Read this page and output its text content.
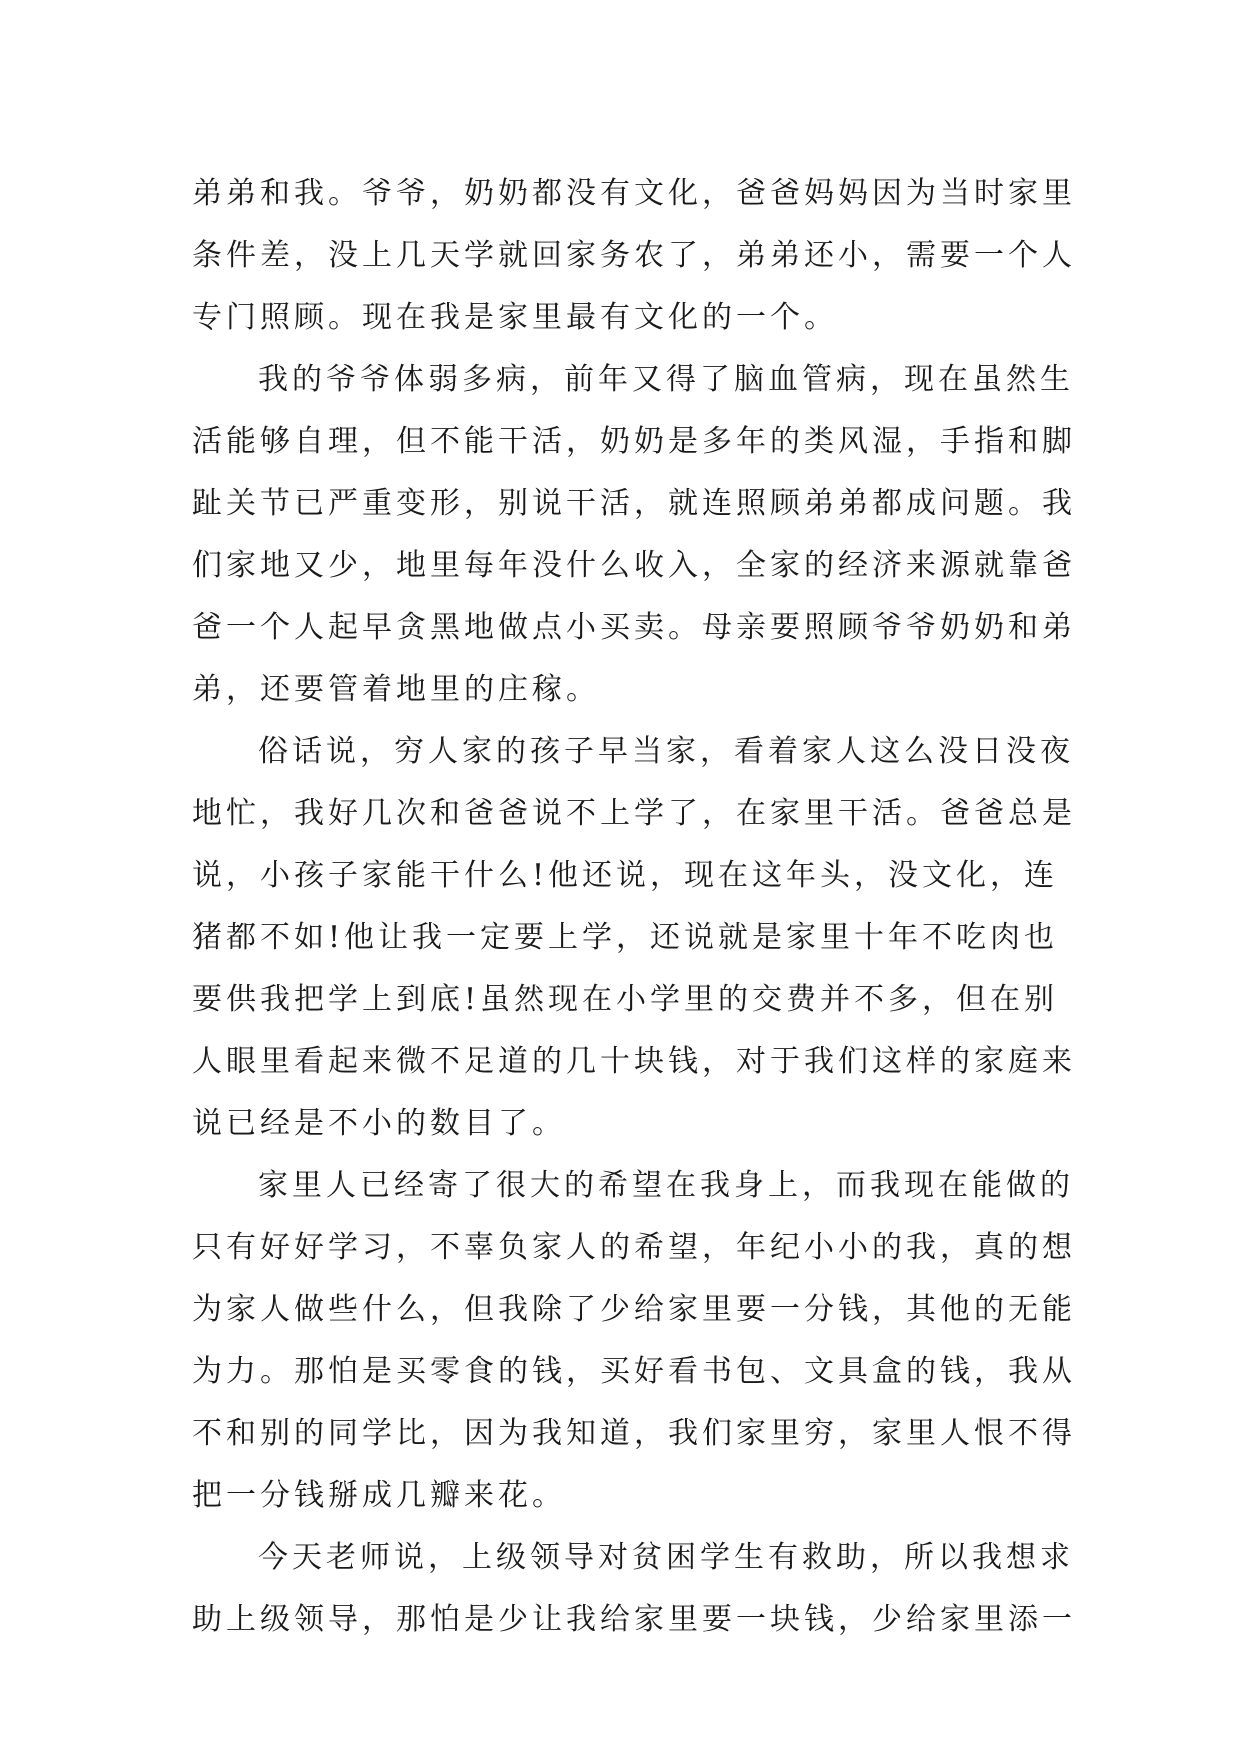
弟弟和我。爷爷，奶奶都没有文化，爸爸妈妈因为当时家里
条件差，没上几天学就回家务农了，弟弟还小，需要一个人
专门照顾。现在我是家里最有文化的一个。
我的爷爷体弱多病，前年又得了脑血管病，现在虽然生
活能够自理，但不能干活，奶奶是多年的类风湿，手指和脚
趾关节已严重变形，别说干活，就连照顾弟弟都成问题。我
们家地又少，地里每年没什么收入，全家的经济来源就靠爸
爸一个人起早贪黑地做点小买卖。母亲要照顾爷爷奶奶和弟
弟，还要管着地里的庄稼。
俗话说，穷人家的孩子早当家，看着家人这么没日没夜
地忙，我好几次和爸爸说不上学了，在家里干活。爸爸总是
说，小孩子家能干什么!他还说，现在这年头，没文化，连
猪都不如!他让我一定要上学，还说就是家里十年不吃肉也
要供我把学上到底!虽然现在小学里的交费并不多，但在别
人眼里看起来微不足道的几十块钱，对于我们这样的家庭来
说已经是不小的数目了。
家里人已经寄了很大的希望在我身上，而我现在能做的
只有好好学习，不辜负家人的希望，年纪小小的我，真的想
为家人做些什么，但我除了少给家里要一分钱，其他的无能
为力。那怕是买零食的钱，买好看书包、文具盒的钱，我从
不和别的同学比，因为我知道，我们家里穷，家里人恨不得
把一分钱掰成几瓣来花。
今天老师说，上级领导对贫困学生有救助，所以我想求
助上级领导，那怕是少让我给家里要一块钱，少给家里添一
